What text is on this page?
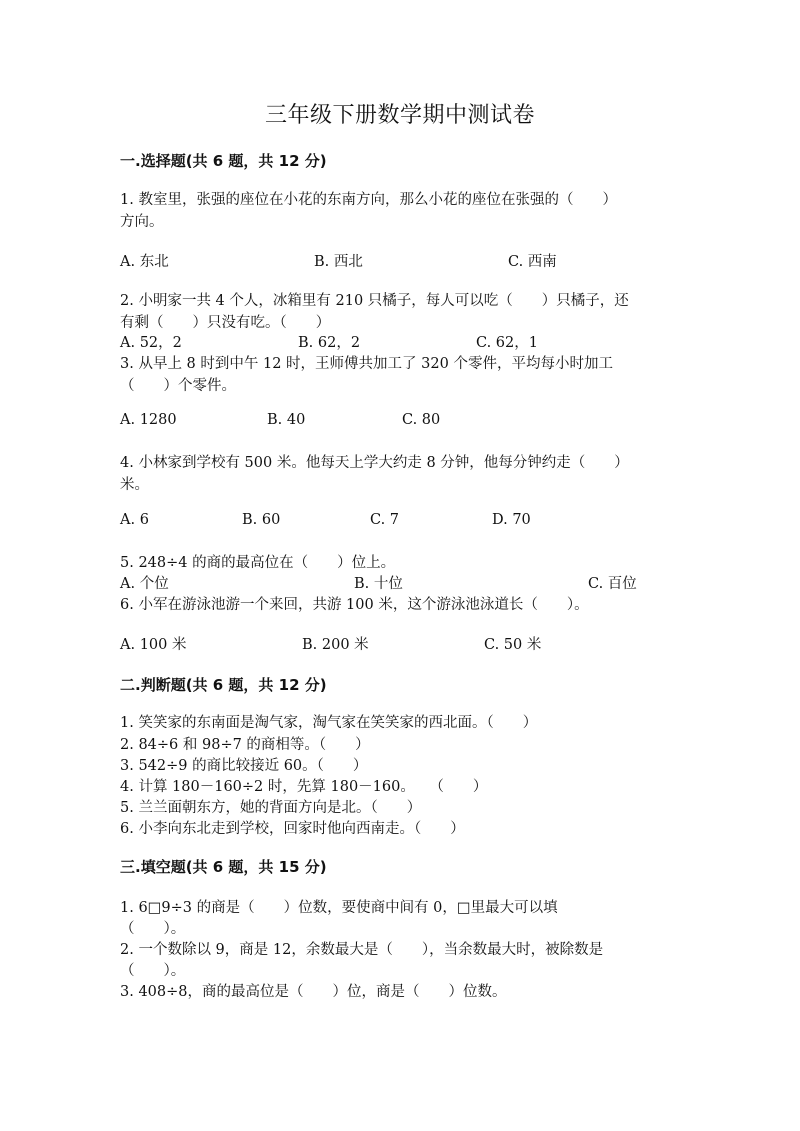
三年级下册数学期中测试卷
一.选择题(共 6 题，共 12 分)
1. 教室里，张强的座位在小花的东南方向，那么小花的座位在张强的（　　）
方向。
A. 东北	B. 西北	C. 西南
2. 小明家一共 4 个人，冰箱里有 210 只橘子，每人可以吃（　　）只橘子，还
有剩（　　）只没有吃。（　　）
A. 52，2	B. 62，2	C. 62，1
3. 从早上 8 时到中午 12 时，王师傅共加工了 320 个零件，平均每小时加工
（　　）个零件。
A. 1280	B. 40	C. 80
4. 小林家到学校有 500 米。他每天上学大约走 8 分钟，他每分钟约走（　　）
米。
A. 6	B. 60	C. 7	D. 70
5. 248÷4 的商的最高位在（　　）位上。
A. 个位	B. 十位	C. 百位
6. 小军在游泳池游一个来回，共游 100 米，这个游泳池泳道长（　　）。
A. 100 米	B. 200 米	C. 50 米
二.判断题(共 6 题，共 12 分)
1. 笑笑家的东南面是淘气家，淘气家在笑笑家的西北面。（　　）
2. 84÷6 和 98÷7 的商相等。（　　）
3. 542÷9 的商比较接近 60。（　　）
4. 计算 180－160÷2 时，先算 180－160。　　（　　）
5. 兰兰面朝东方，她的背面方向是北。（　　）
6. 小李向东北走到学校，回家时他向西南走。（　　）
三.填空题(共 6 题，共 15 分)
1. 6□9÷3 的商是（　　）位数，要使商中间有 0，□里最大可以填
（　　）。
2. 一个数除以 9，商是 12，余数最大是（　　），当余数最大时，被除数是
（　　）。
3. 408÷8，商的最高位是（　　）位，商是（　　）位数。
